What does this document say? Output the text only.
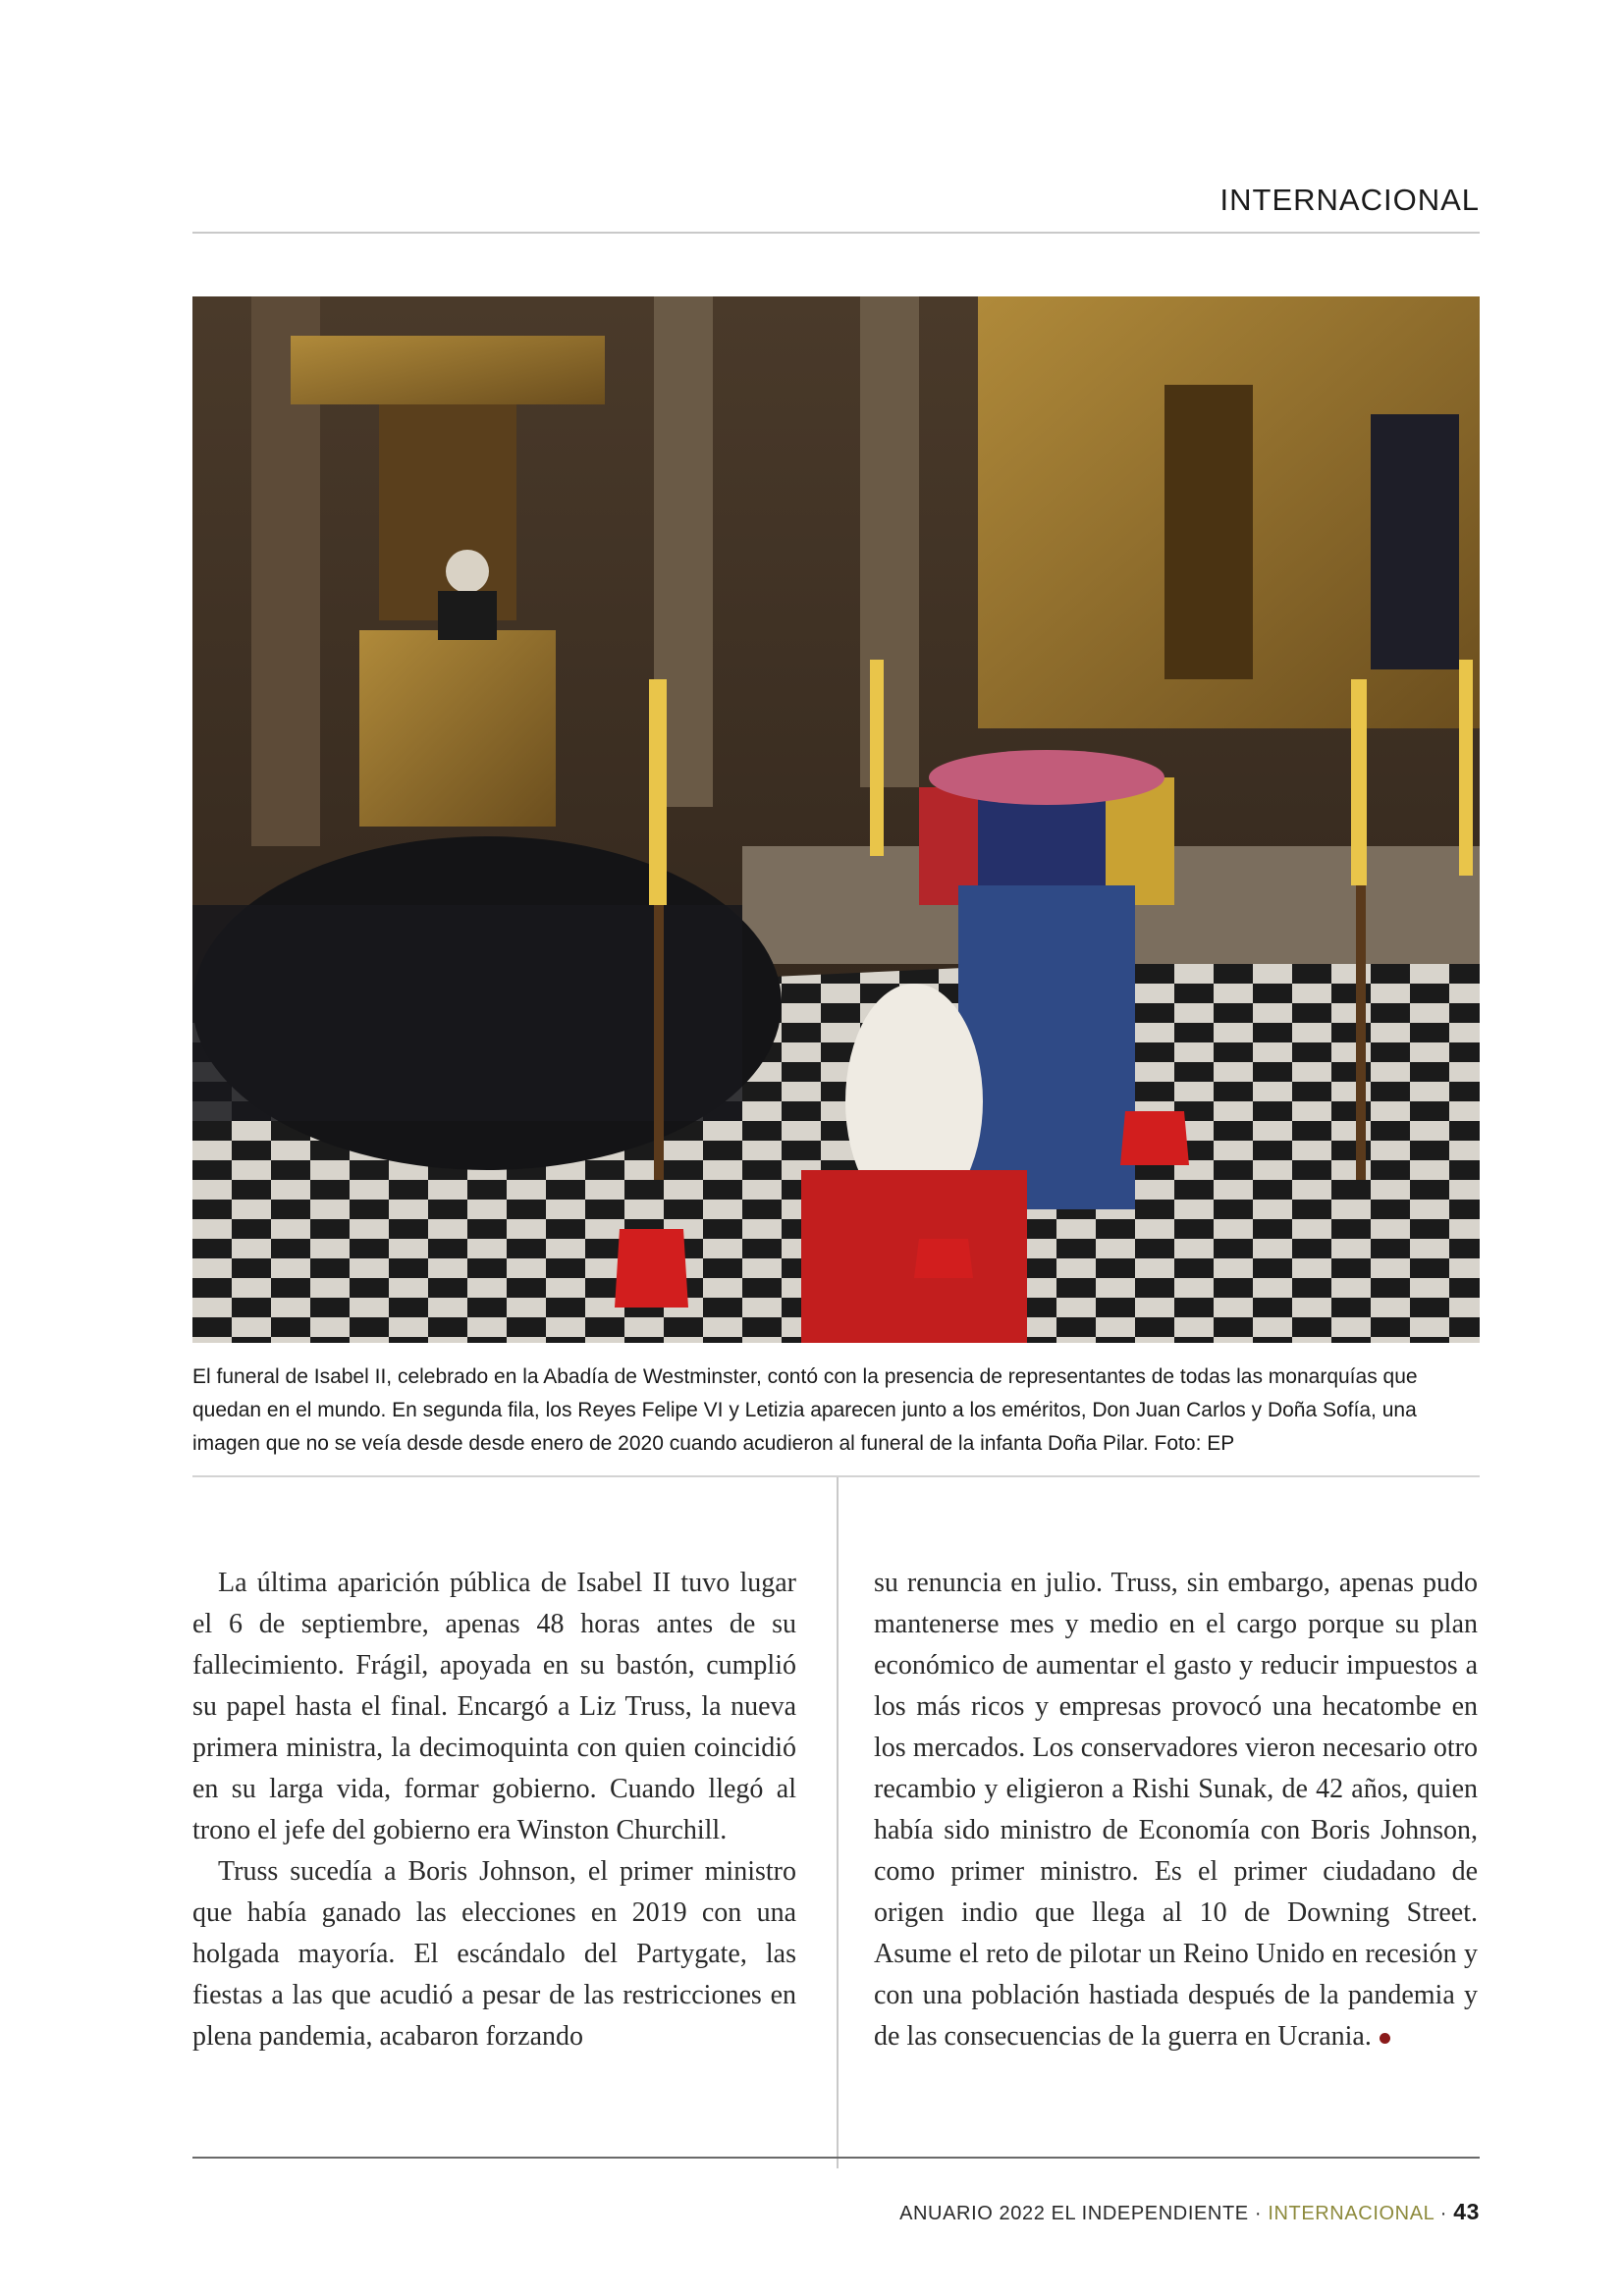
INTERNACIONAL

El funeral de Isabel II, celebrado en la Abadía de Westminster, contó con la presencia de representantes de todas las monarquías que quedan en el mundo. En segunda fila, los Reyes Felipe VI y Letizia aparecen junto a los eméritos, Don Juan Carlos y Doña Sofía, una imagen que no se veía desde desde enero de 2020 cuando acudieron al funeral de la infanta Doña Pilar. Foto: EP

La última aparición pública de Isabel II tuvo lugar el 6 de septiembre, apenas 48 horas antes de su fallecimiento. Frágil, apoyada en su bastón, cumplió su papel hasta el final. Encargó a Liz Truss, la nueva primera ministra, la decimoquinta con quien coincidió en su larga vida, formar gobierno. Cuando llegó al trono el jefe del gobierno era Winston Churchill.

Truss sucedía a Boris Johnson, el primer ministro que había ganado las elecciones en 2019 con una holgada mayoría. El escándalo del Partygate, las fiestas a las que acudió a pesar de las restricciones en plena pandemia, acabaron forzando

su renuncia en julio. Truss, sin embargo, apenas pudo mantenerse mes y medio en el cargo porque su plan económico de aumentar el gasto y reducir impuestos a los más ricos y empresas provocó una hecatombe en los mercados. Los conservadores vieron necesario otro recambio y eligieron a Rishi Sunak, de 42 años, quien había sido ministro de Economía con Boris Johnson, como primer ministro. Es el primer ciudadano de origen indio que llega al 10 de Downing Street. Asume el reto de pilotar un Reino Unido en recesión y con una población hastiada después de la pandemia y de las consecuencias de la guerra en Ucrania.

ANUARIO 2022 EL INDEPENDIENTE · INTERNACIONAL · 43
